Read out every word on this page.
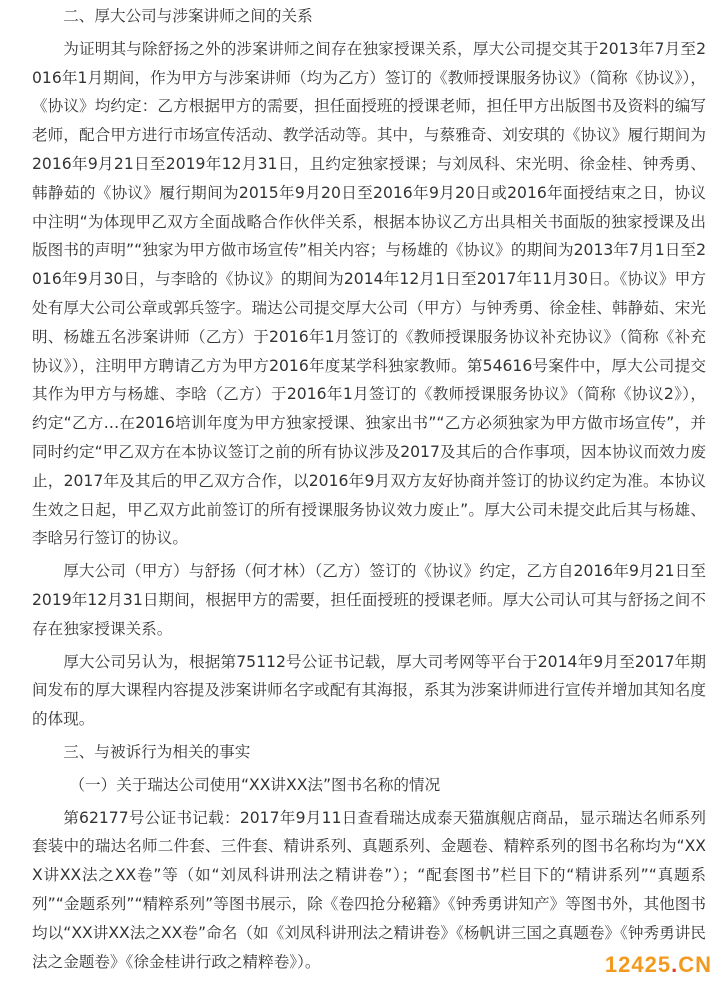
二、厚大公司与涉案讲师之间的关系

为证明其与除舒扬之外的涉案讲师之间存在独家授课关系，厚大公司提交其于2013年7月至2016年1月期间，作为甲方与涉案讲师（均为乙方）签订的《教师授课服务协议》（简称《协议》），《协议》均约定：乙方根据甲方的需要，担任面授班的授课老师，担任甲方出版图书及资料的编写老师，配合甲方进行市场宣传活动、教学活动等。其中，与蔡雅奇、刘安琪的《协议》履行期间为2016年9月21日至2019年12月31日，且约定独家授课；与刘凤科、宋光明、徐金桂、钟秀勇、韩静茹的《协议》履行期间为2015年9月20日至2016年9月20日或2016年面授结束之日，协议中注明“为体现甲乙双方全面战略合作伙伴关系，根据本协议乙方出具相关书面版的独家授课及出版图书的声明”“独家为甲方做市场宣传”相关内容；与杨雄的《协议》的期间为2013年7月1日至2016年9月30日，与李晗的《协议》的期间为2014年12月1日至2017年11月30日。《协议》甲方处有厚大公司公章或郭兵签字。瑞达公司提交厚大公司（甲方）与钟秀勇、徐金桂、韩静茹、宋光明、杨雄五名涉案讲师（乙方）于2016年1月签订的《教师授课服务协议补充协议》（简称《补充协议》），注明甲方聘请乙方为甲方2016年度某学科独家教师。第54616号案件中，厚大公司提交其作为甲方与杨雄、李晗（乙方）于2016年1月签订的《教师授课服务协议》（简称《协议2》），约定“乙方…在2016培训年度为甲方独家授课、独家出书”“乙方必须独家为甲方做市场宣传”，并同时约定“甲乙双方在本协议签订之前的所有协议涉及2017及其后的合作事项，因本协议而效力废止，2017年及其后的甲乙双方合作，以2016年9月双方友好协商并签订的协议约定为准。本协议生效之日起，甲乙双方此前签订的所有授课服务协议效力废止”。厚大公司未提交此后其与杨雄、李晗另行签订的协议。

厚大公司（甲方）与舒扬（何才林）（乙方）签订的《协议》约定，乙方自2016年9月21日至2019年12月31日期间，根据甲方的需要，担任面授班的授课老师。厚大公司认可其与舒扬之间不存在独家授课关系。

厚大公司另认为，根据第75112号公证书记载，厚大司考网等平台于2014年9月至2017年期间发布的厚大课程内容提及涉案讲师名字或配有其海报，系其为涉案讲师进行宣传并增加其知名度的体现。

三、与被诉行为相关的事实

（一）关于瑞达公司使用“XX讲XX法”图书名称的情况

第62177号公证书记载：2017年9月11日查看瑞达成泰天猫旗舰店商品，显示瑞达名师系列套装中的瑞达名师二件套、三件套、精讲系列、真题系列、金题卷、精粹系列的图书名称均为“XXX讲XX法之XX卷”等（如“刘凤科讲刑法之精讲卷”）；“配套图书”栏目下的“精讲系列”“真题系列”“金题系列”“精粹系列”等图书展示，除《卷四抢分秘籍》《钟秀勇讲知产》等图书外，其他图书均以“XX讲XX法之XX卷”命名（如《刘凤科讲刑法之精讲卷》《杨帆讲三国之真题卷》《钟秀勇讲民法之金题卷》《徐金桂讲行政之精粹卷》）。	12425.CN
